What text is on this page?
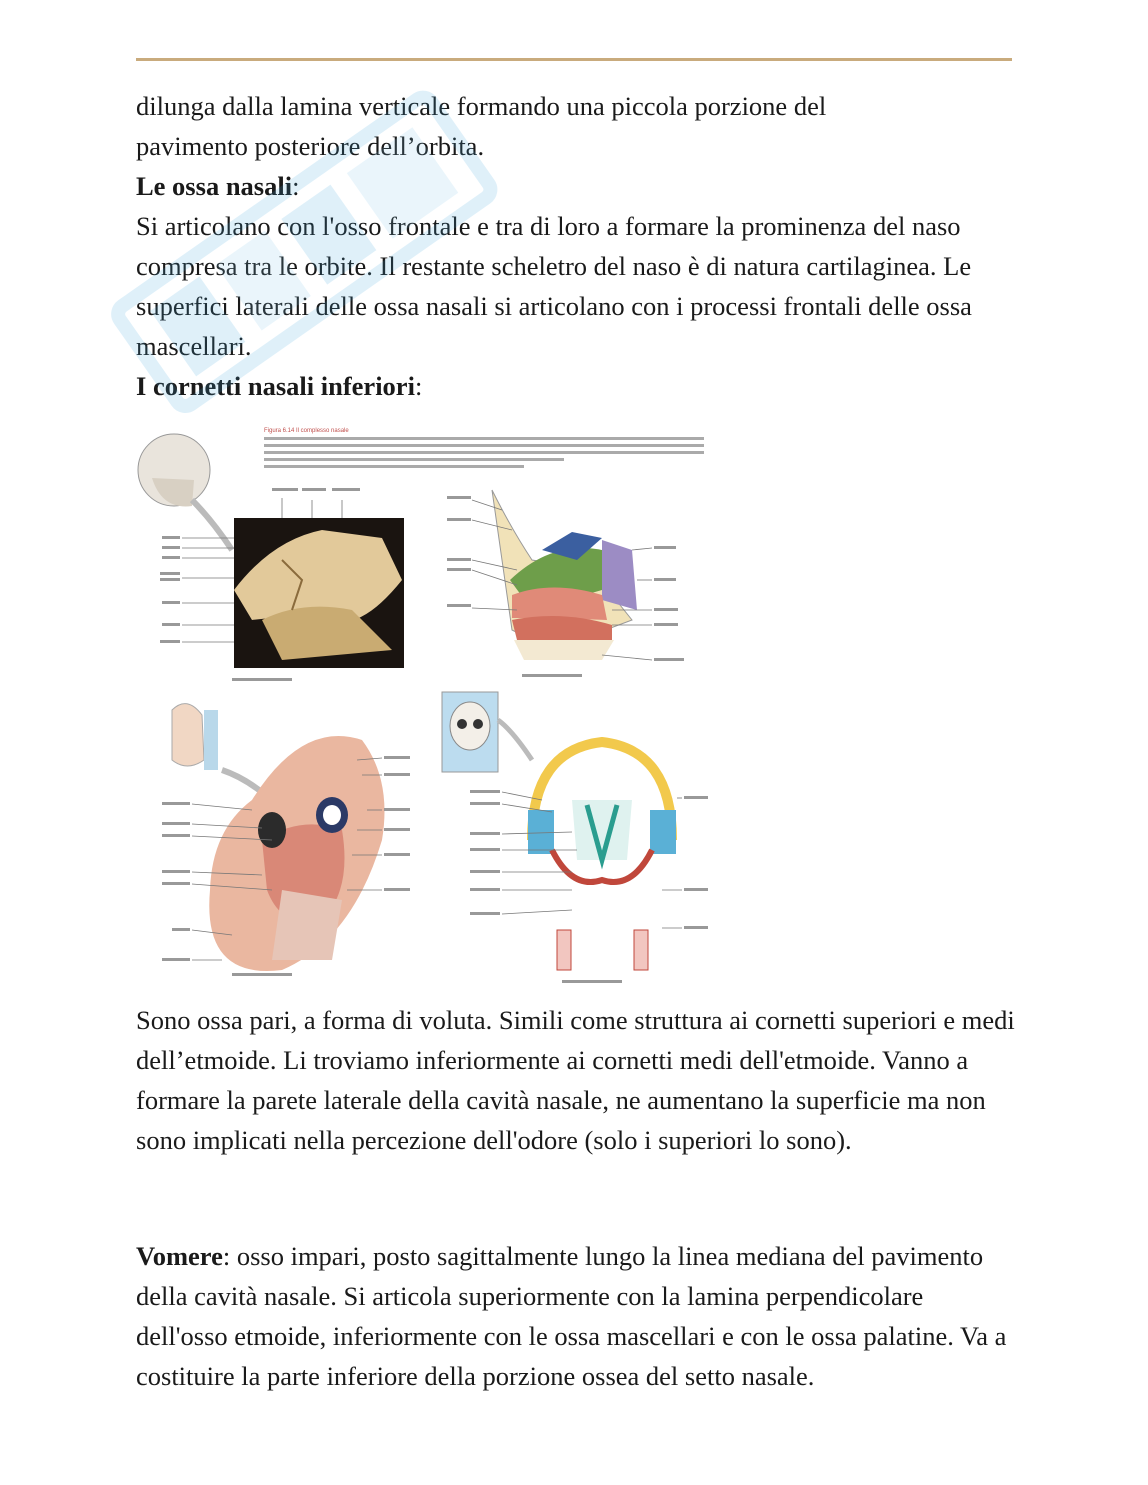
dilunga dalla lamina verticale formando una piccola porzione del
pavimento posteriore dell’orbita.
Le ossa nasali:
Si articolano con l'osso frontale e tra di loro a formare la prominenza del naso compresa tra le orbite. Il restante scheletro del naso è di natura cartilaginea. Le superfici laterali delle ossa nasali si articolano con i processi frontali delle ossa mascellari.
I cornetti nasali inferiori:
Figura 6.14 Il complesso nasale
Sono ossa pari, a forma di voluta. Simili come struttura ai cornetti superiori e medi dell’etmoide. Li troviamo inferiormente ai cornetti medi dell'etmoide. Vanno a formare la parete laterale della cavità nasale, ne aumentano la superficie ma non sono implicati nella percezione dell'odore (solo i superiori lo sono).
Vomere: osso impari, posto sagittalmente lungo la linea mediana del pavimento della cavità nasale. Si articola superiormente con la lamina perpendicolare dell'osso etmoide, inferiormente con le ossa mascellari e con le ossa palatine. Va a costituire la parte inferiore della porzione ossea del setto nasale.
